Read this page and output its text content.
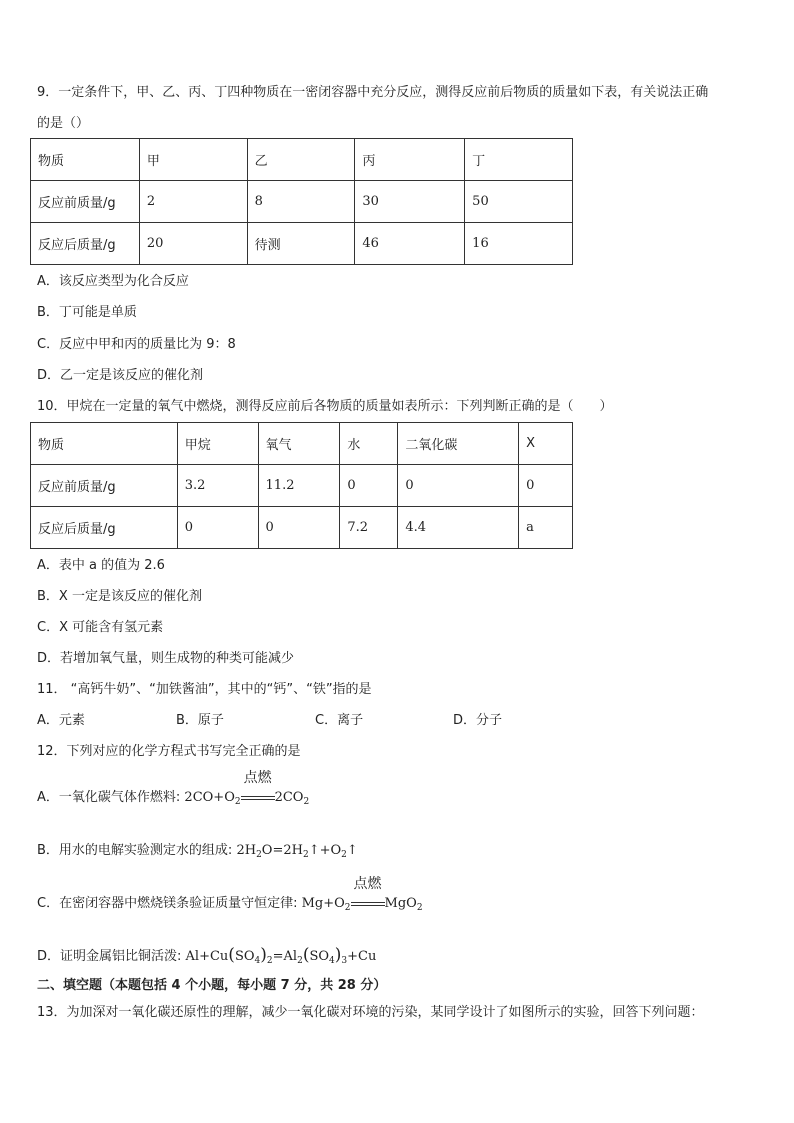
9．一定条件下，甲、乙、丙、丁四种物质在一密闭容器中充分反应，测得反应前后物质的质量如下表，有关说法正确
的是（）
物质	甲	乙	丙	丁
反应前质量/g	2	8	30	50
反应后质量/g	20	待测	46	16
A．该反应类型为化合反应
B．丁可能是单质
C．反应中甲和丙的质量比为 9：8
D．乙一定是该反应的催化剂
10．甲烷在一定量的氧气中燃烧，测得反应前后各物质的质量如表所示：下列判断正确的是（　　）
物质	甲烷	氧气	水	二氧化碳	X
反应前质量/g	3.2	11.2	0	0	0
反应后质量/g	0	0	7.2	4.4	a
A．表中 a 的值为 2.6
B．X 一定是该反应的催化剂
C．X 可能含有氢元素
D．若增加氧气量，则生成物的种类可能减少
11． “高钙牛奶”、“加铁酱油”，其中的“钙”、“铁”指的是
A．元素	B．原子	C．离子	D．分子
12．下列对应的化学方程式书写完全正确的是
A．一氧化碳气体作燃料: $2CO+O_2$
点燃
$2CO_2$
B．用水的电解实验测定水的组成: $2H_2O=2H_2↑+O_2↑$
C．在密闭容器中燃烧镁条验证质量守恒定律: $Mg+O_2$
点燃
MgO$_2$
D．证明金属铝比铜活泼: $Al+Cu(SO_4)_2=Al_2(SO_4)_3+Cu$
二、填空题（本题包括 4 个小题，每小题 7 分，共 28 分）
13．为加深对一氧化碳还原性的理解，减少一氧化碳对环境的污染，某同学设计了如图所示的实验，回答下列问题：
